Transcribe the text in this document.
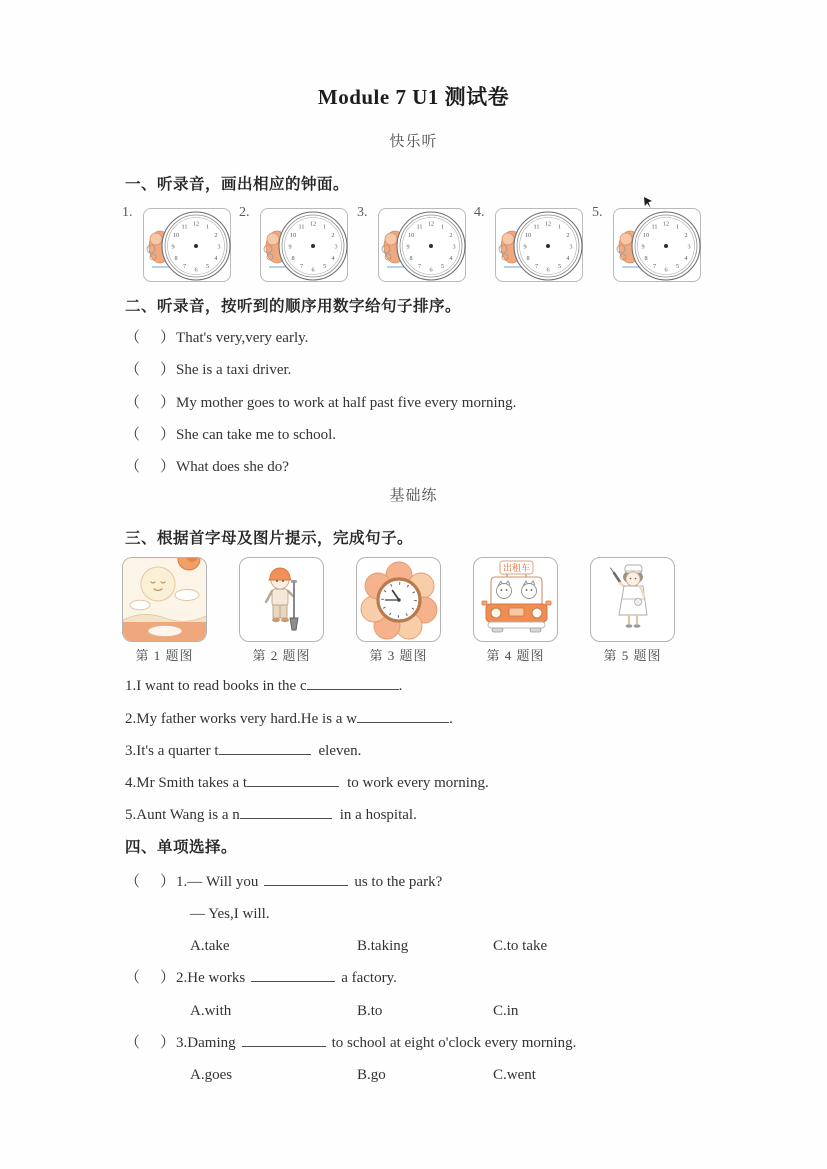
Module 7 U1 测试卷
快乐听
一、听录音，画出相应的钟面。
1.
1
2
3
4
5
6
7
8
9
10
11 12
2.
1
2
3
4
5
6
7
8
9
10
11 12
3.
1
2
3
4
5
6
7
8
9
10
11 12
4.
1
2
3
4
5
6
7
8
9
10
11 12
5.
1
2
3
4
5
6
7
8
9
10
11 12
二、听录音，按听到的顺序用数字给句子排序。
（ ）That's very,very early.
（ ）She is a taxi driver.
（ ）My mother goes to work at half past five every morning.
（ ）She can take me to school.
（ ）What does she do?
基础练
三、根据首字母及图片提示，完成句子。
第 1 题图	第 2 题图	第 3 题图
出租车
第 4 题图	第 5 题图
1.I want to read books in the c	.
2.My father works very hard.He is a w	.
3.It's a quarter t	eleven.
4.Mr Smith takes a t	to work every morning.
5.Aunt Wang is a n	in a hospital.
四、单项选择。
（ ）1.— Will you	us to the park?
— Yes,I will.
A.take	B.taking	C.to take
（ ）2.He works	a factory.
A.with	B.to	C.in
（ ）3.Daming	to school at eight o'clock every morning.
A.goes	B.go	C.went
